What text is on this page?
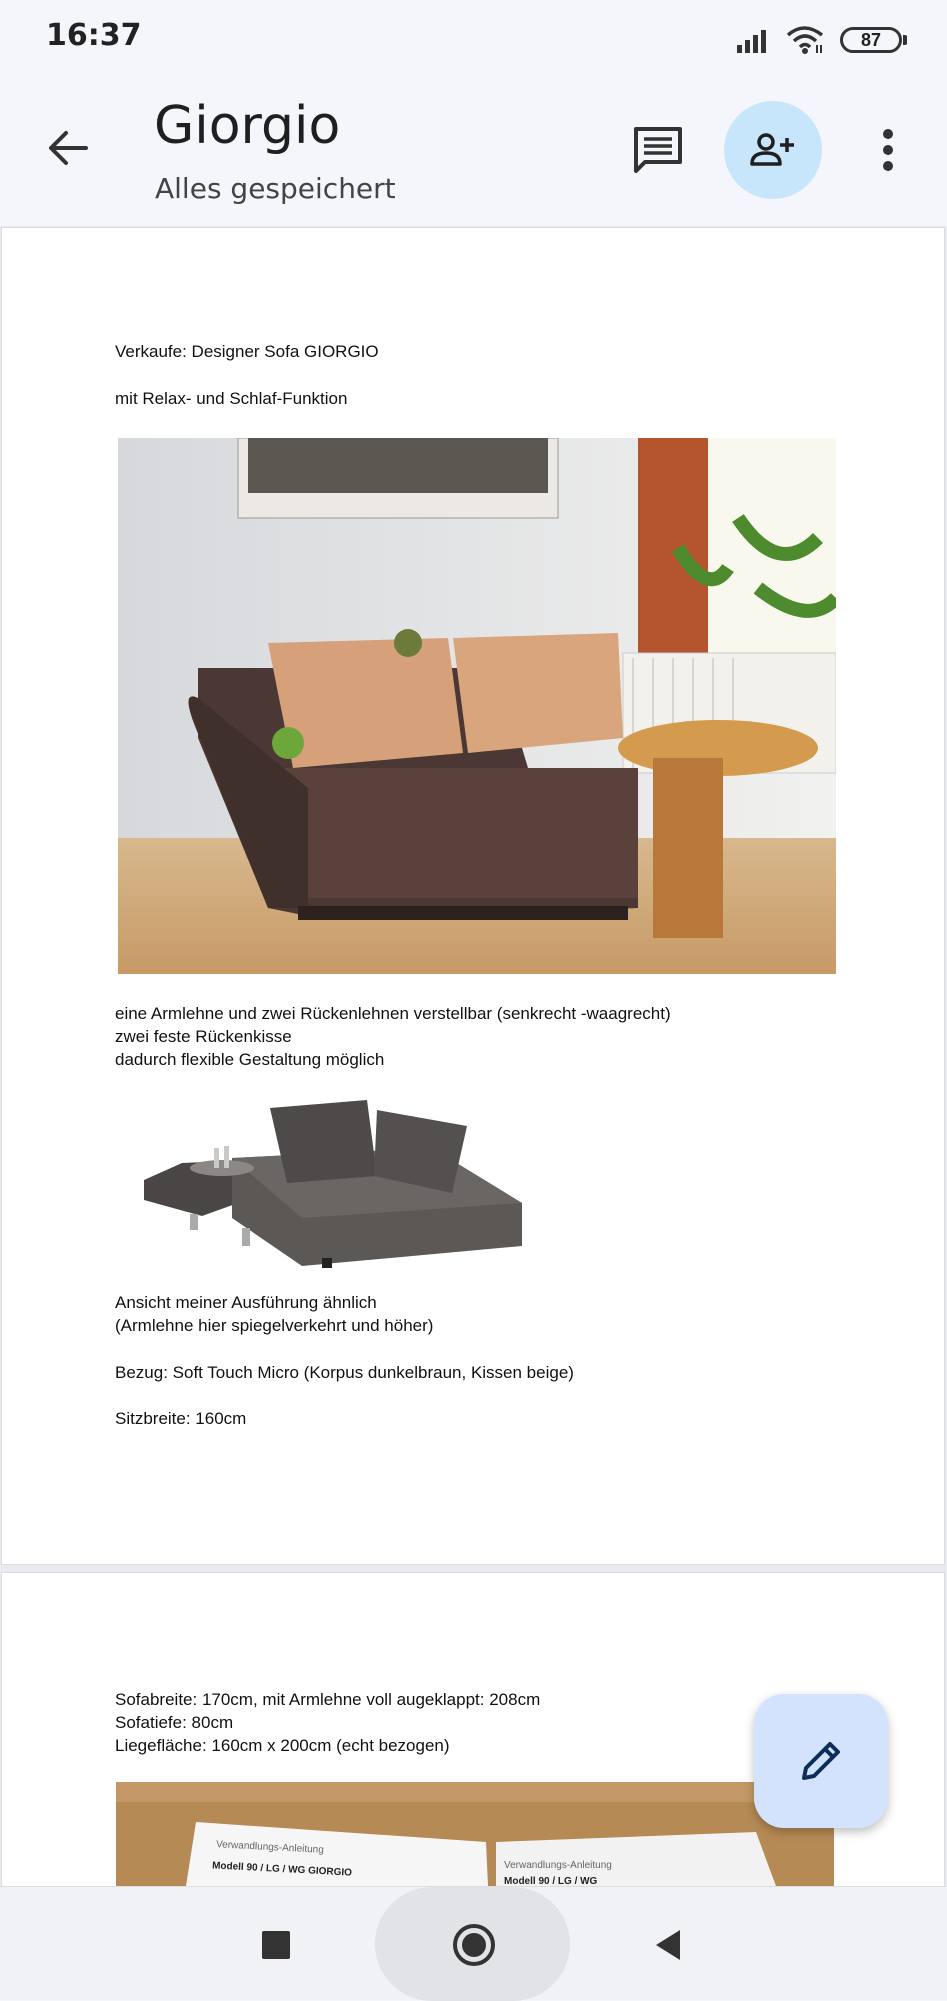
16:37	87
Giorgio
Alles gespeichert
Verkaufe: Designer Sofa GIORGIO
mit Relax- und Schlaf-Funktion
eine Armlehne und zwei Rückenlehnen verstellbar (senkrecht -waagrecht)
zwei feste Rückenkisse
dadurch flexible Gestaltung möglich
Ansicht meiner Ausführung ähnlich
(Armlehne hier spiegelverkehrt und höher)
Bezug: Soft Touch Micro (Korpus dunkelbraun, Kissen beige)
Sitzbreite: 160cm
Sofabreite: 170cm, mit Armlehne voll augeklappt: 208cm
Sofatiefe: 80cm
Liegefläche: 160cm x 200cm (echt bezogen)
Verwandlungs-Anleitung
Modell 90 / LG / WG GIORGIO	Verwandlungs-Anleitung
Modell 90 / LG / WG
